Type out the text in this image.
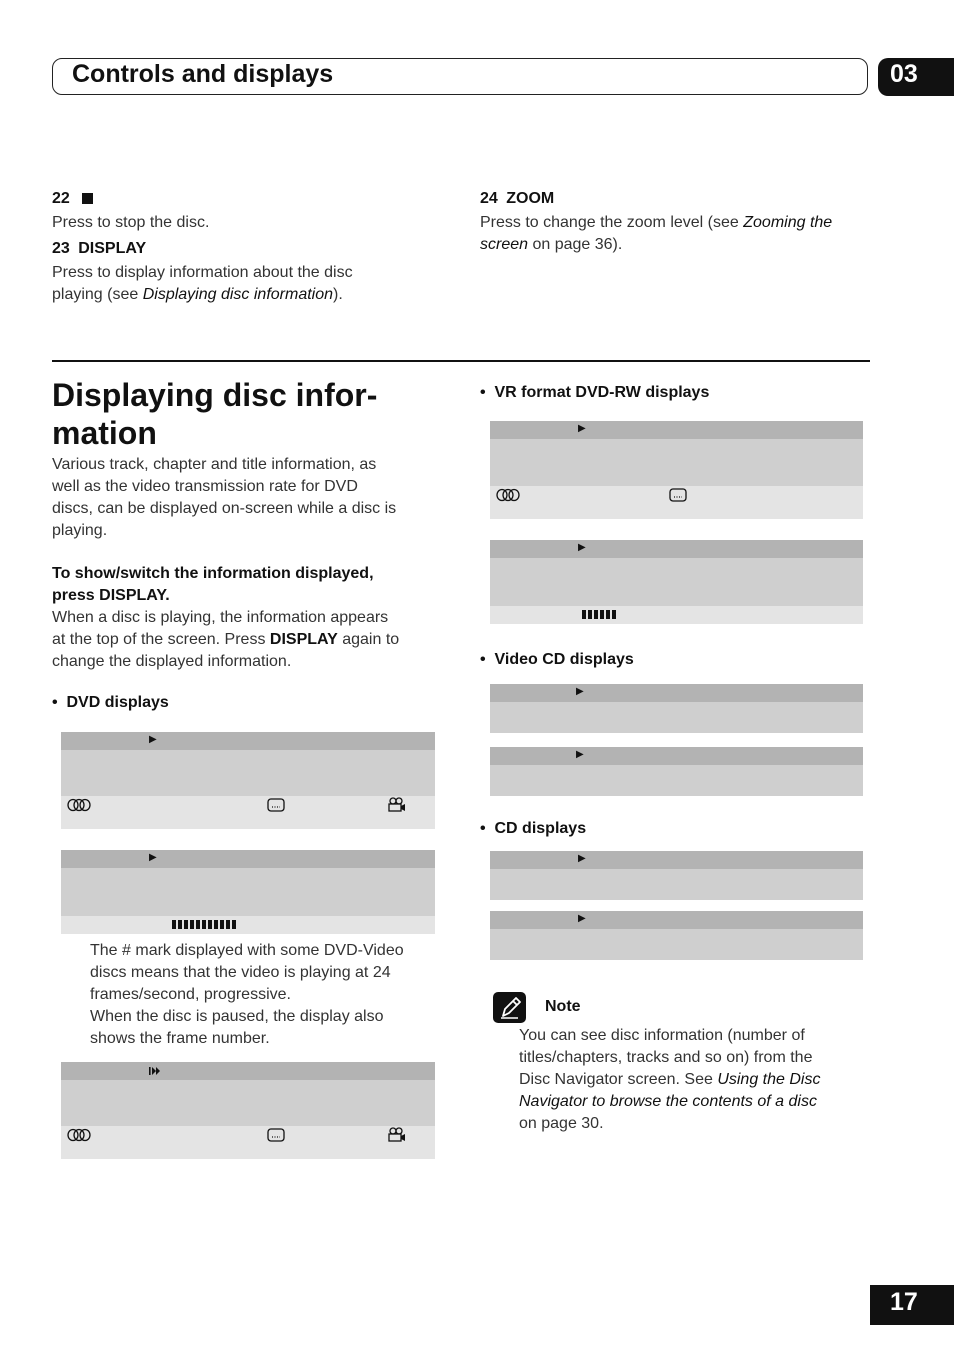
Controls and displays	03
22
Press to stop the disc.
23 DISPLAY
Press to display information about the disc
playing (see Displaying disc information).
24 ZOOM
Press to change the zoom level (see Zooming the
screen on page 36).
Displaying disc infor-
mation
Various track, chapter and title information, as
well as the video transmission rate for DVD
discs, can be displayed on-screen while a disc is
playing.
To show/switch the information displayed,
press DISPLAY.
When a disc is playing, the information appears
at the top of the screen. Press DISPLAY again to
change the displayed information.
•  DVD displays
▶
▶
The # mark displayed with some DVD-Video
discs means that the video is playing at 24
frames/second, progressive.
When the disc is paused, the display also
shows the frame number.
•  VR format DVD-RW displays
▶
▶
•  Video CD displays
▶
▶
•  CD displays
▶
▶
Note
You can see disc information (number of
titles/chapters, tracks and so on) from the
Disc Navigator screen. See Using the Disc
Navigator to browse the contents of a disc
on page 30.
17
